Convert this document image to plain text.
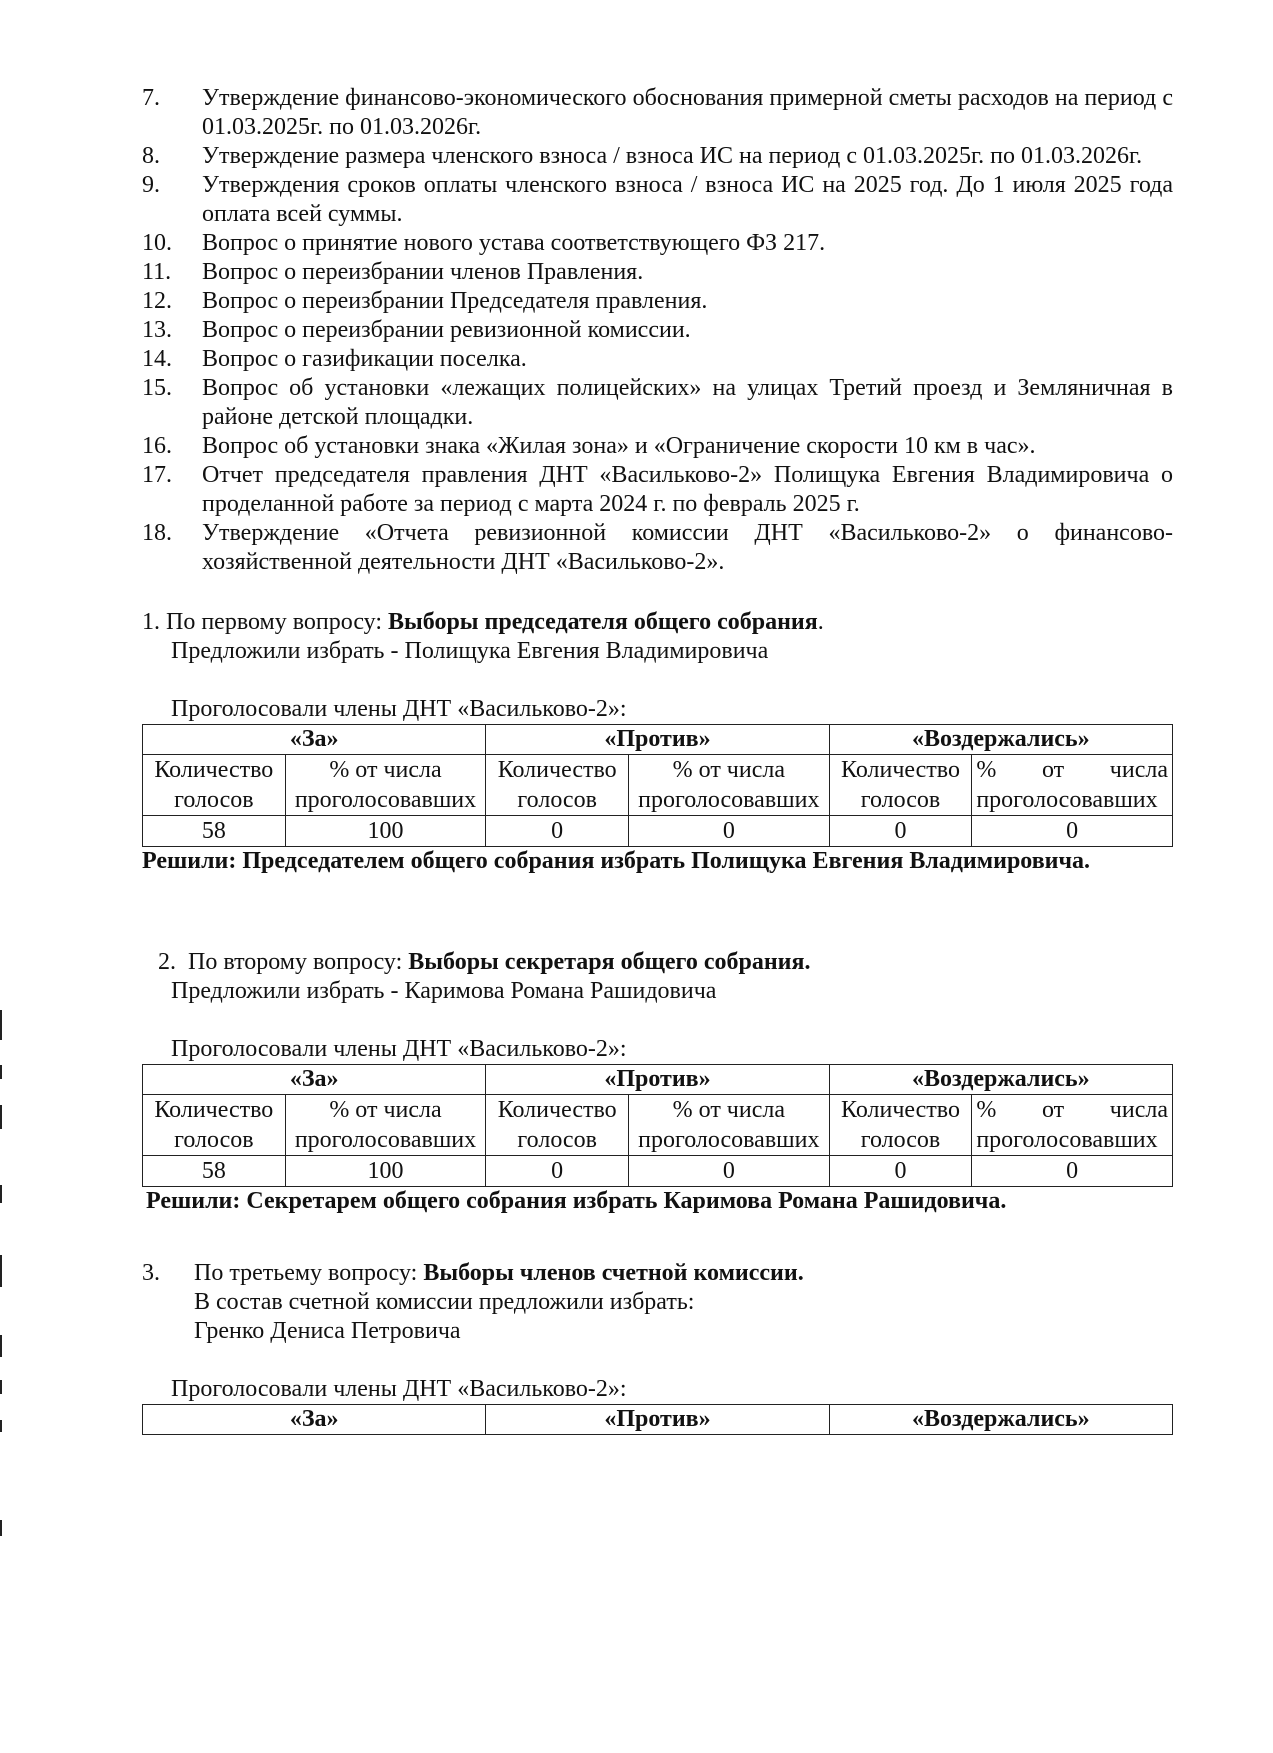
7.	Утверждение финансово-экономического обоснования примерной сметы расходов на период с 01.03.2025г. по 01.03.2026г.
8.	Утверждение размера членского взноса / взноса ИС на период с 01.03.2025г. по 01.03.2026г.
9.	Утверждения сроков оплаты членского взноса / взноса ИС на 2025 год. До 1 июля 2025 года оплата всей суммы.
10.	Вопрос о принятие нового устава соответствующего ФЗ 217.
11.	Вопрос о переизбрании членов Правления.
12.	Вопрос о переизбрании Председателя правления.
13.	Вопрос о переизбрании ревизионной комиссии.
14.	Вопрос о газификации поселка.
15.	Вопрос об установки «лежащих полицейских» на улицах Третий проезд и Земляничная в районе детской площадки.
16.	Вопрос об установки знака «Жилая зона» и «Ограничение скорости 10 км в час».
17.	Отчет председателя правления ДНТ «Васильково-2» Полищука Евгения Владимировича о проделанной работе за период с марта 2024 г. по февраль 2025 г.
18.	Утверждение «Отчета ревизионной комиссии ДНТ «Васильково-2» о финансово-хозяйственной деятельности ДНТ «Васильково-2».
1.
По первому вопросу:
Выборы председателя общего собрания .
Предложили избрать - Полищука Евгения Владимировича
Проголосовали члены ДНТ «Васильково-2»:
«За»		«Против»		«Воздержались»	
Количество голосов	% от числа проголосовавших	Количество голосов	% от числа проголосовавших	Количество голосов	% от числа проголосовавших
58	100	0	0	0	0
Решили: Председателем общего собрания избрать Полищука Евгения Владимировича.
2.
По второму вопросу:
Выборы секретаря общего собрания.
Предложили избрать - Каримова Романа Рашидовича
Проголосовали члены ДНТ «Васильково-2»:
«За»		«Против»		«Воздержались»	
Количество голосов	% от числа проголосовавших	Количество голосов	% от числа проголосовавших	Количество голосов	% от числа проголосовавших
58	100	0	0	0	0
Решили: Секретарем общего собрания избрать Каримова Романа Рашидовича.
3.	По третьему вопросу:
Выборы членов счетной комиссии.
В состав счетной комиссии предложили избрать:
Гренко Дениса Петровича
Проголосовали члены ДНТ «Васильково-2»:
«За»	«Против»	«Воздержались»
